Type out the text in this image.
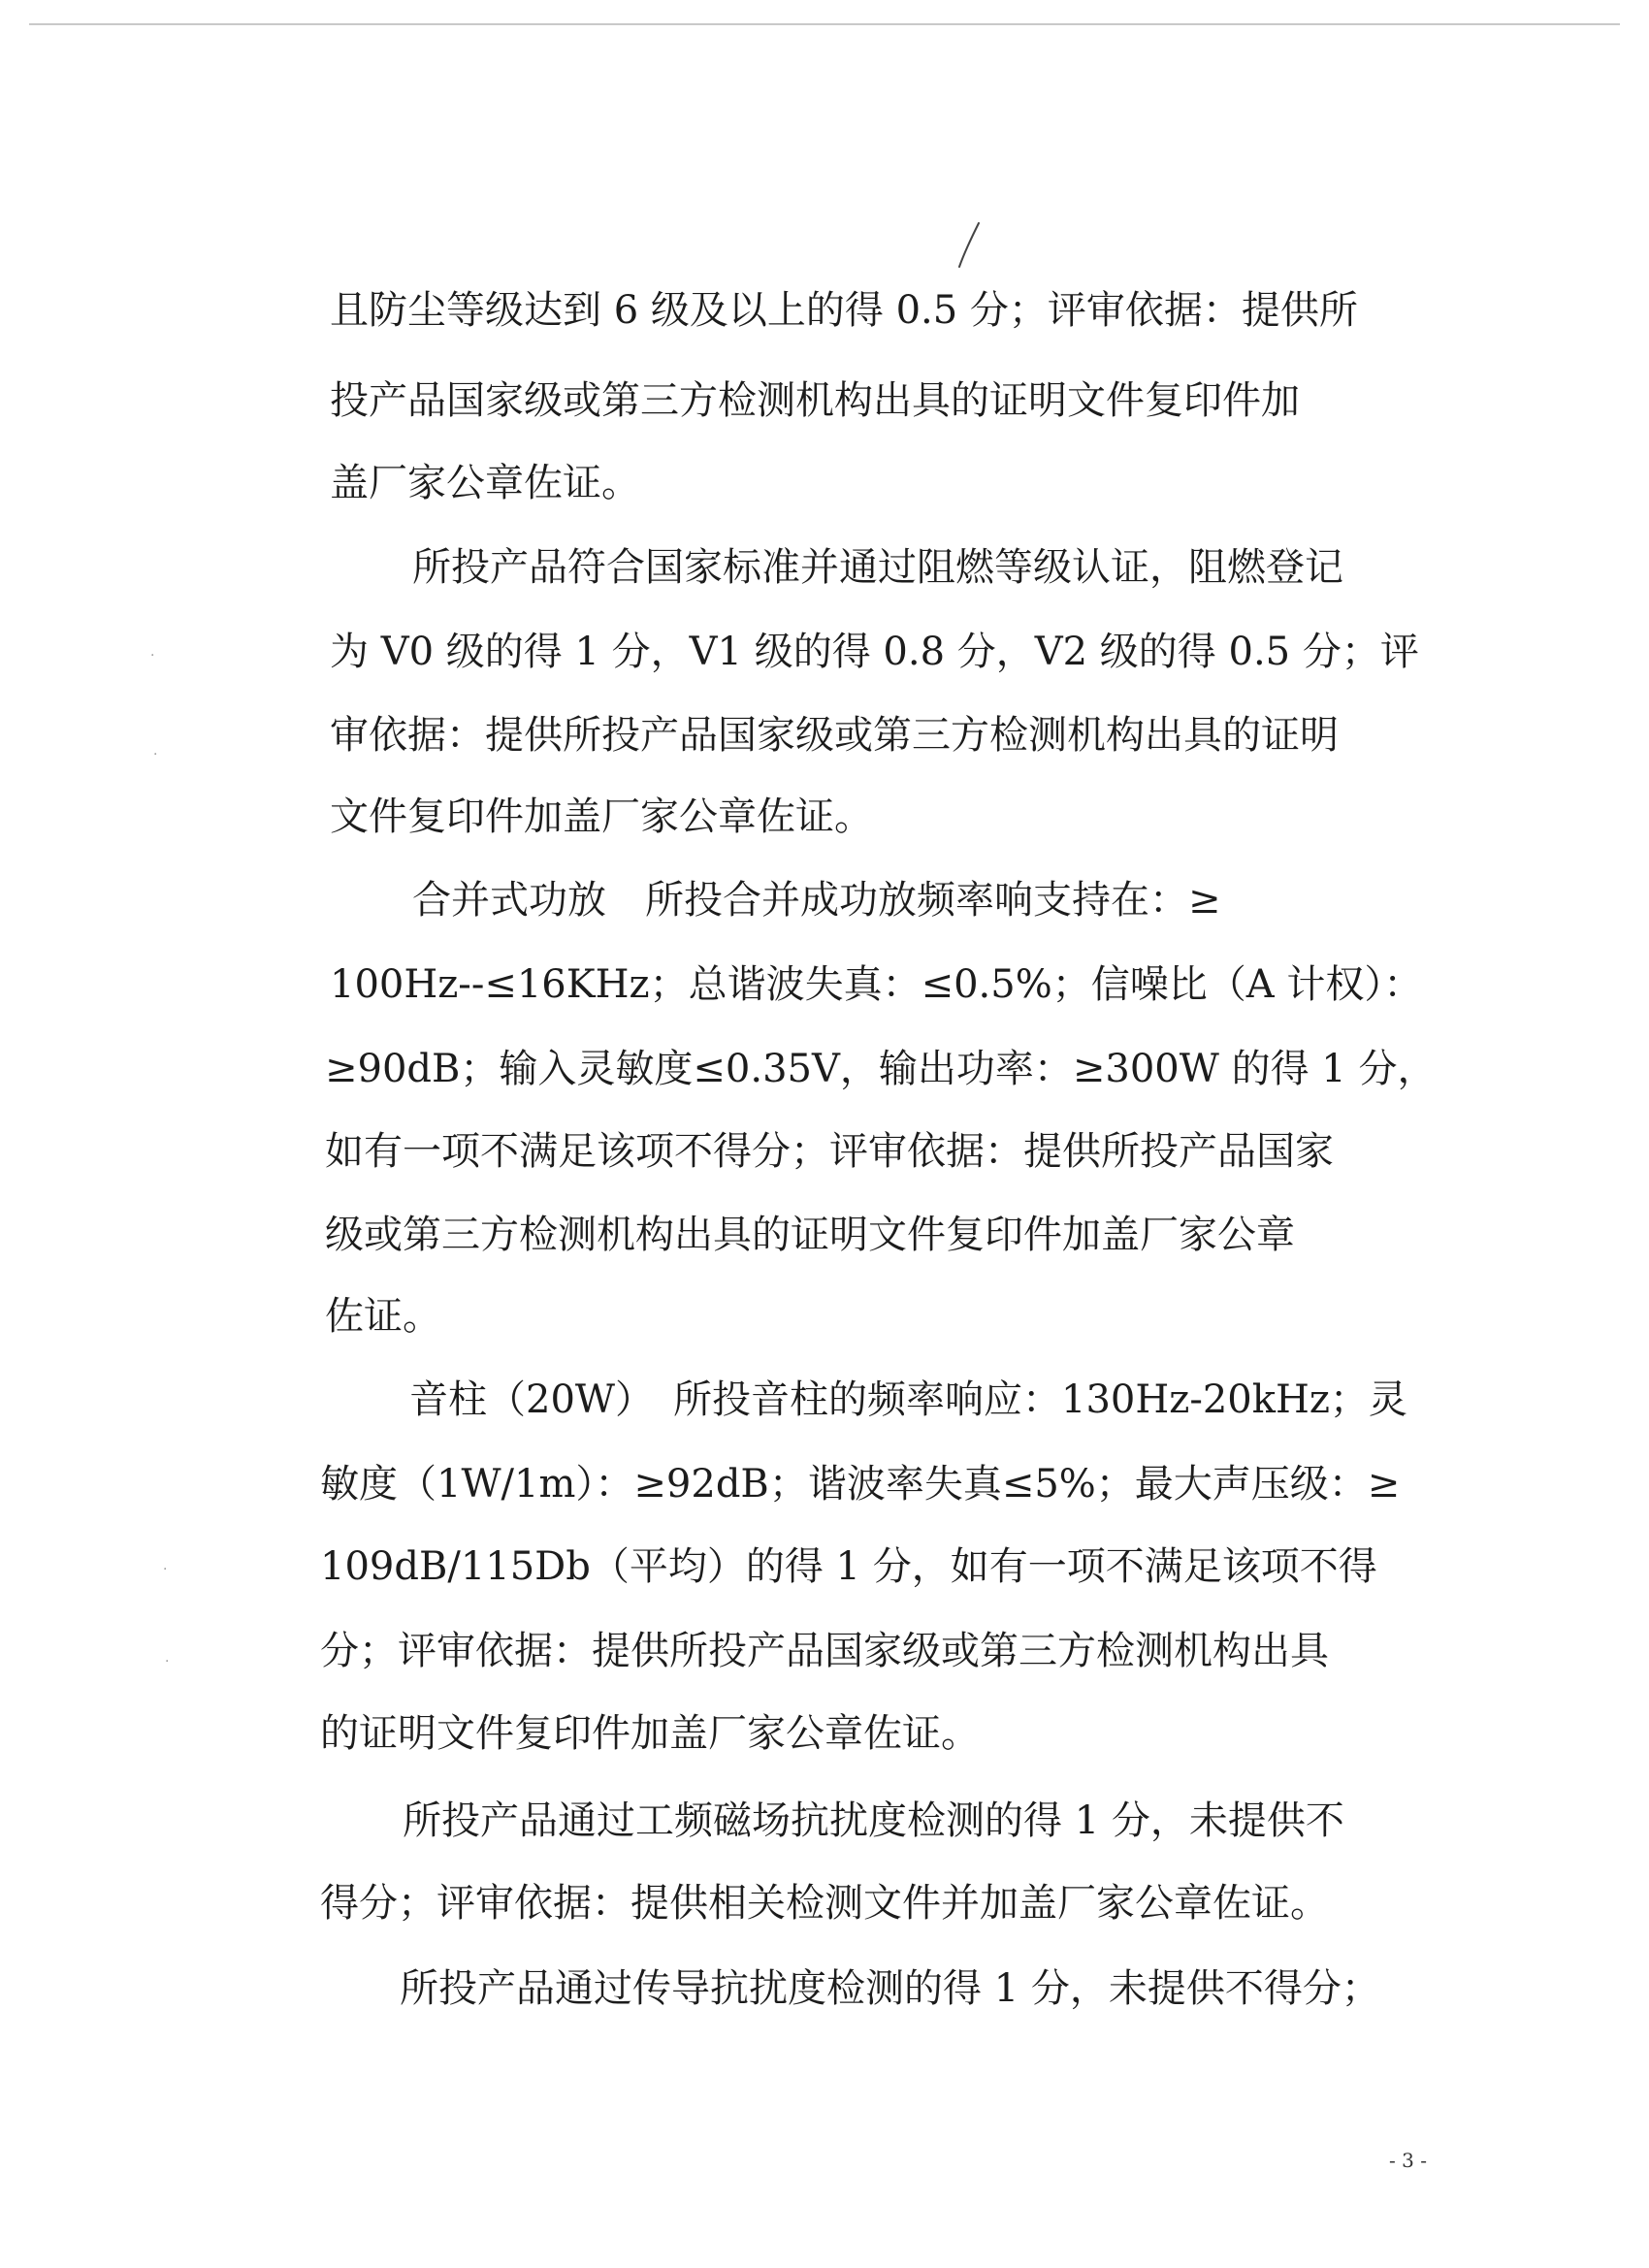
且防尘等级达到 6 级及以上的得 0.5 分；评审依据：提供所
投产品国家级或第三方检测机构出具的证明文件复印件加
盖厂家公章佐证。
所投产品符合国家标准并通过阻燃等级认证，阻燃登记
为 V0 级的得 1 分，V1 级的得 0.8 分，V2 级的得 0.5 分；评
审依据：提供所投产品国家级或第三方检测机构出具的证明
文件复印件加盖厂家公章佐证。
合并式功放　所投合并成功放频率响支持在：≥
100Hz--≤16KHz；总谐波失真：≤0.5%；信噪比（A 计权）：
≥90dB；输入灵敏度≤0.35V，输出功率：≥300W 的得 1 分，
如有一项不满足该项不得分；评审依据：提供所投产品国家
级或第三方检测机构出具的证明文件复印件加盖厂家公章
佐证。
音柱（20W）　所投音柱的频率响应：130Hz-20kHz；灵
敏度（1W/1m）：≥92dB；谐波率失真≤5%；最大声压级：≥
109dB/115Db（平均）的得 1 分，如有一项不满足该项不得
分；评审依据：提供所投产品国家级或第三方检测机构出具
的证明文件复印件加盖厂家公章佐证。
所投产品通过工频磁场抗扰度检测的得 1 分，未提供不
得分；评审依据：提供相关检测文件并加盖厂家公章佐证。
所投产品通过传导抗扰度检测的得 1 分，未提供不得分；
- 3 -
·
·
·
·
